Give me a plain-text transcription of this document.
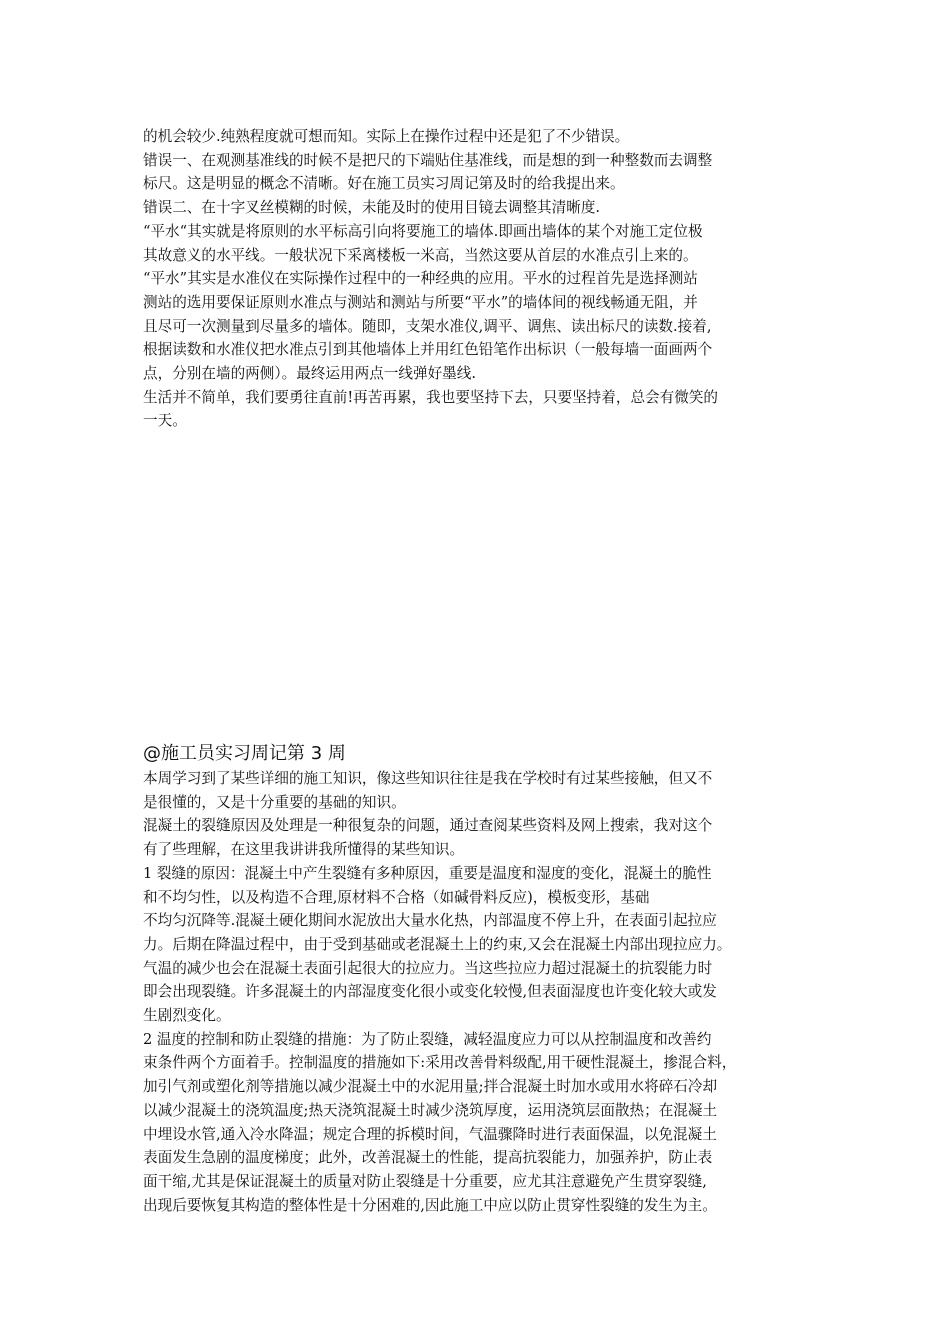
的机会较少.纯熟程度就可想而知。实际上在操作过程中还是犯了不少错误。
错误一、在观测基准线的时候不是把尺的下端贴住基准线，而是想的到一种整数而去调整
标尺。这是明显的概念不清晰。好在施工员实习周记第及时的给我提出来。
错误二、在十字叉丝模糊的时候，未能及时的使用目镜去调整其清晰度.
“平水“其实就是将原则的水平标高引向将要施工的墙体.即画出墙体的某个对施工定位极
其故意义的水平线。一般状况下采离楼板一米高，当然这要从首层的水准点引上来的。
“平水”其实是水准仪在实际操作过程中的一种经典的应用。平水的过程首先是选择测站
测站的选用要保证原则水准点与测站和测站与所要“平水”的墙体间的视线畅通无阻，并
且尽可一次测量到尽量多的墙体。随即，支架水准仪,调平、调焦、读出标尺的读数.接着,
根据读数和水准仪把水准点引到其他墙体上并用红色铅笔作出标识（一般每墙一面画两个
点，分别在墙的两侧）。最终运用两点一线弹好墨线.
生活并不简单，我们要勇往直前!再苦再累，我也要坚持下去，只要坚持着，总会有微笑的
一天。
@施工员实习周记第 3 周
本周学习到了某些详细的施工知识，像这些知识往往是我在学校时有过某些接触，但又不
是很懂的，又是十分重要的基础的知识。
混凝土的裂缝原因及处理是一种很复杂的问题，通过查阅某些资料及网上搜索，我对这个
有了些理解，在这里我讲讲我所懂得的某些知识。
1 裂缝的原因：混凝土中产生裂缝有多种原因，重要是温度和湿度的变化，混凝土的脆性
和不均匀性，以及构造不合理,原材料不合格（如碱骨料反应)，模板变形，基础
不均匀沉降等.混凝土硬化期间水泥放出大量水化热，内部温度不停上升，在表面引起拉应
力。后期在降温过程中，由于受到基础或老混凝土上的约束,又会在混凝土内部出现拉应力。
气温的减少也会在混凝土表面引起很大的拉应力。当这些拉应力超过混凝土的抗裂能力时
即会出现裂缝。许多混凝土的内部湿度变化很小或变化较慢,但表面湿度也许变化较大或发
生剧烈变化。
2 温度的控制和防止裂缝的措施：为了防止裂缝，减轻温度应力可以从控制温度和改善约
束条件两个方面着手。控制温度的措施如下:采用改善骨料级配,用干硬性混凝土，掺混合料，
加引气剂或塑化剂等措施以减少混凝土中的水泥用量;拌合混凝土时加水或用水将碎石冷却
以减少混凝土的浇筑温度;热天浇筑混凝土时减少浇筑厚度，运用浇筑层面散热；在混凝土
中埋设水管,通入冷水降温；规定合理的拆模时间，气温骤降时进行表面保温，以免混凝土
表面发生急剧的温度梯度；此外，改善混凝土的性能，提高抗裂能力，加强养护，防止表
面干缩,尤其是保证混凝土的质量对防止裂缝是十分重要，应尤其注意避免产生贯穿裂缝,
出现后要恢复其构造的整体性是十分困难的,因此施工中应以防止贯穿性裂缝的发生为主。
